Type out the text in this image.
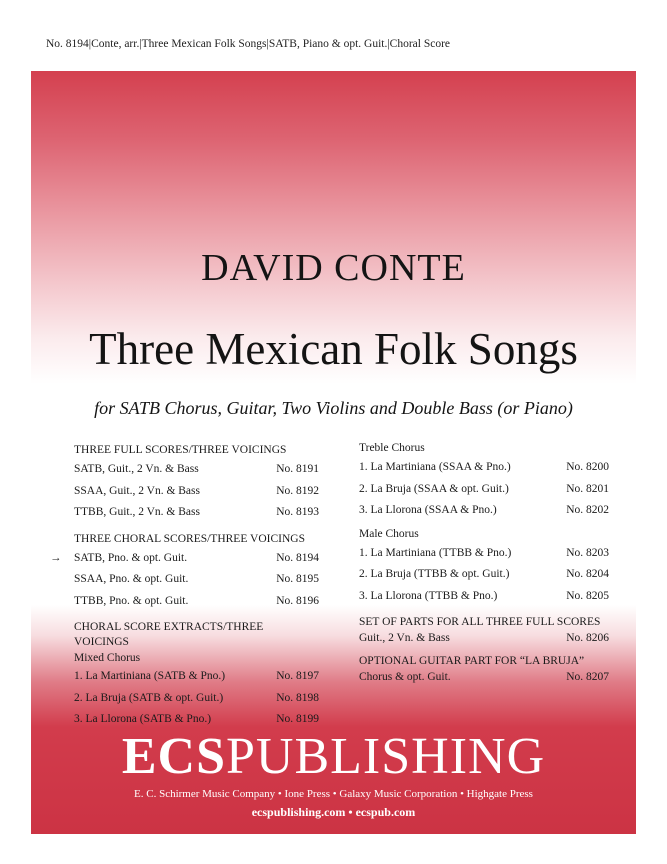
No. 8194|Conte, arr.|Three Mexican Folk Songs|SATB, Piano & opt. Guit.|Choral Score
DAVID CONTE
Three Mexican Folk Songs
for SATB Chorus, Guitar, Two Violins and Double Bass (or Piano)
THREE FULL SCORES/THREE VOICINGS
SATB, Guit., 2 Vn. & Bass	No. 8191
SSAA, Guit., 2 Vn. & Bass	No. 8192
TTBB, Guit., 2 Vn. & Bass	No. 8193
THREE CHORAL SCORES/THREE VOICINGS
→ SATB, Pno. & opt. Guit.	No. 8194
SSAA, Pno. & opt. Guit.	No. 8195
TTBB, Pno. & opt. Guit.	No. 8196
CHORAL SCORE EXTRACTS/THREE VOICINGS
Mixed Chorus
1. La Martiniana (SATB & Pno.)	No. 8197
2. La Bruja (SATB & opt. Guit.)	No. 8198
3. La Llorona (SATB & Pno.)	No. 8199
Treble Chorus
1. La Martiniana (SSAA & Pno.)	No. 8200
2. La Bruja (SSAA & opt. Guit.)	No. 8201
3. La Llorona (SSAA & Pno.)	No. 8202
Male Chorus
1. La Martiniana (TTBB & Pno.)	No. 8203
2. La Bruja (TTBB & opt. Guit.)	No. 8204
3. La Llorona (TTBB & Pno.)	No. 8205
SET OF PARTS FOR ALL THREE FULL SCORES
Guit., 2 Vn. & Bass	No. 8206
OPTIONAL GUITAR PART FOR “LA BRUJA”
Chorus & opt. Guit.	No. 8207
ECSPUBLISHING
E. C. Schirmer Music Company • Ione Press • Galaxy Music Corporation • Highgate Press
ecspublishing.com • ecspub.com
